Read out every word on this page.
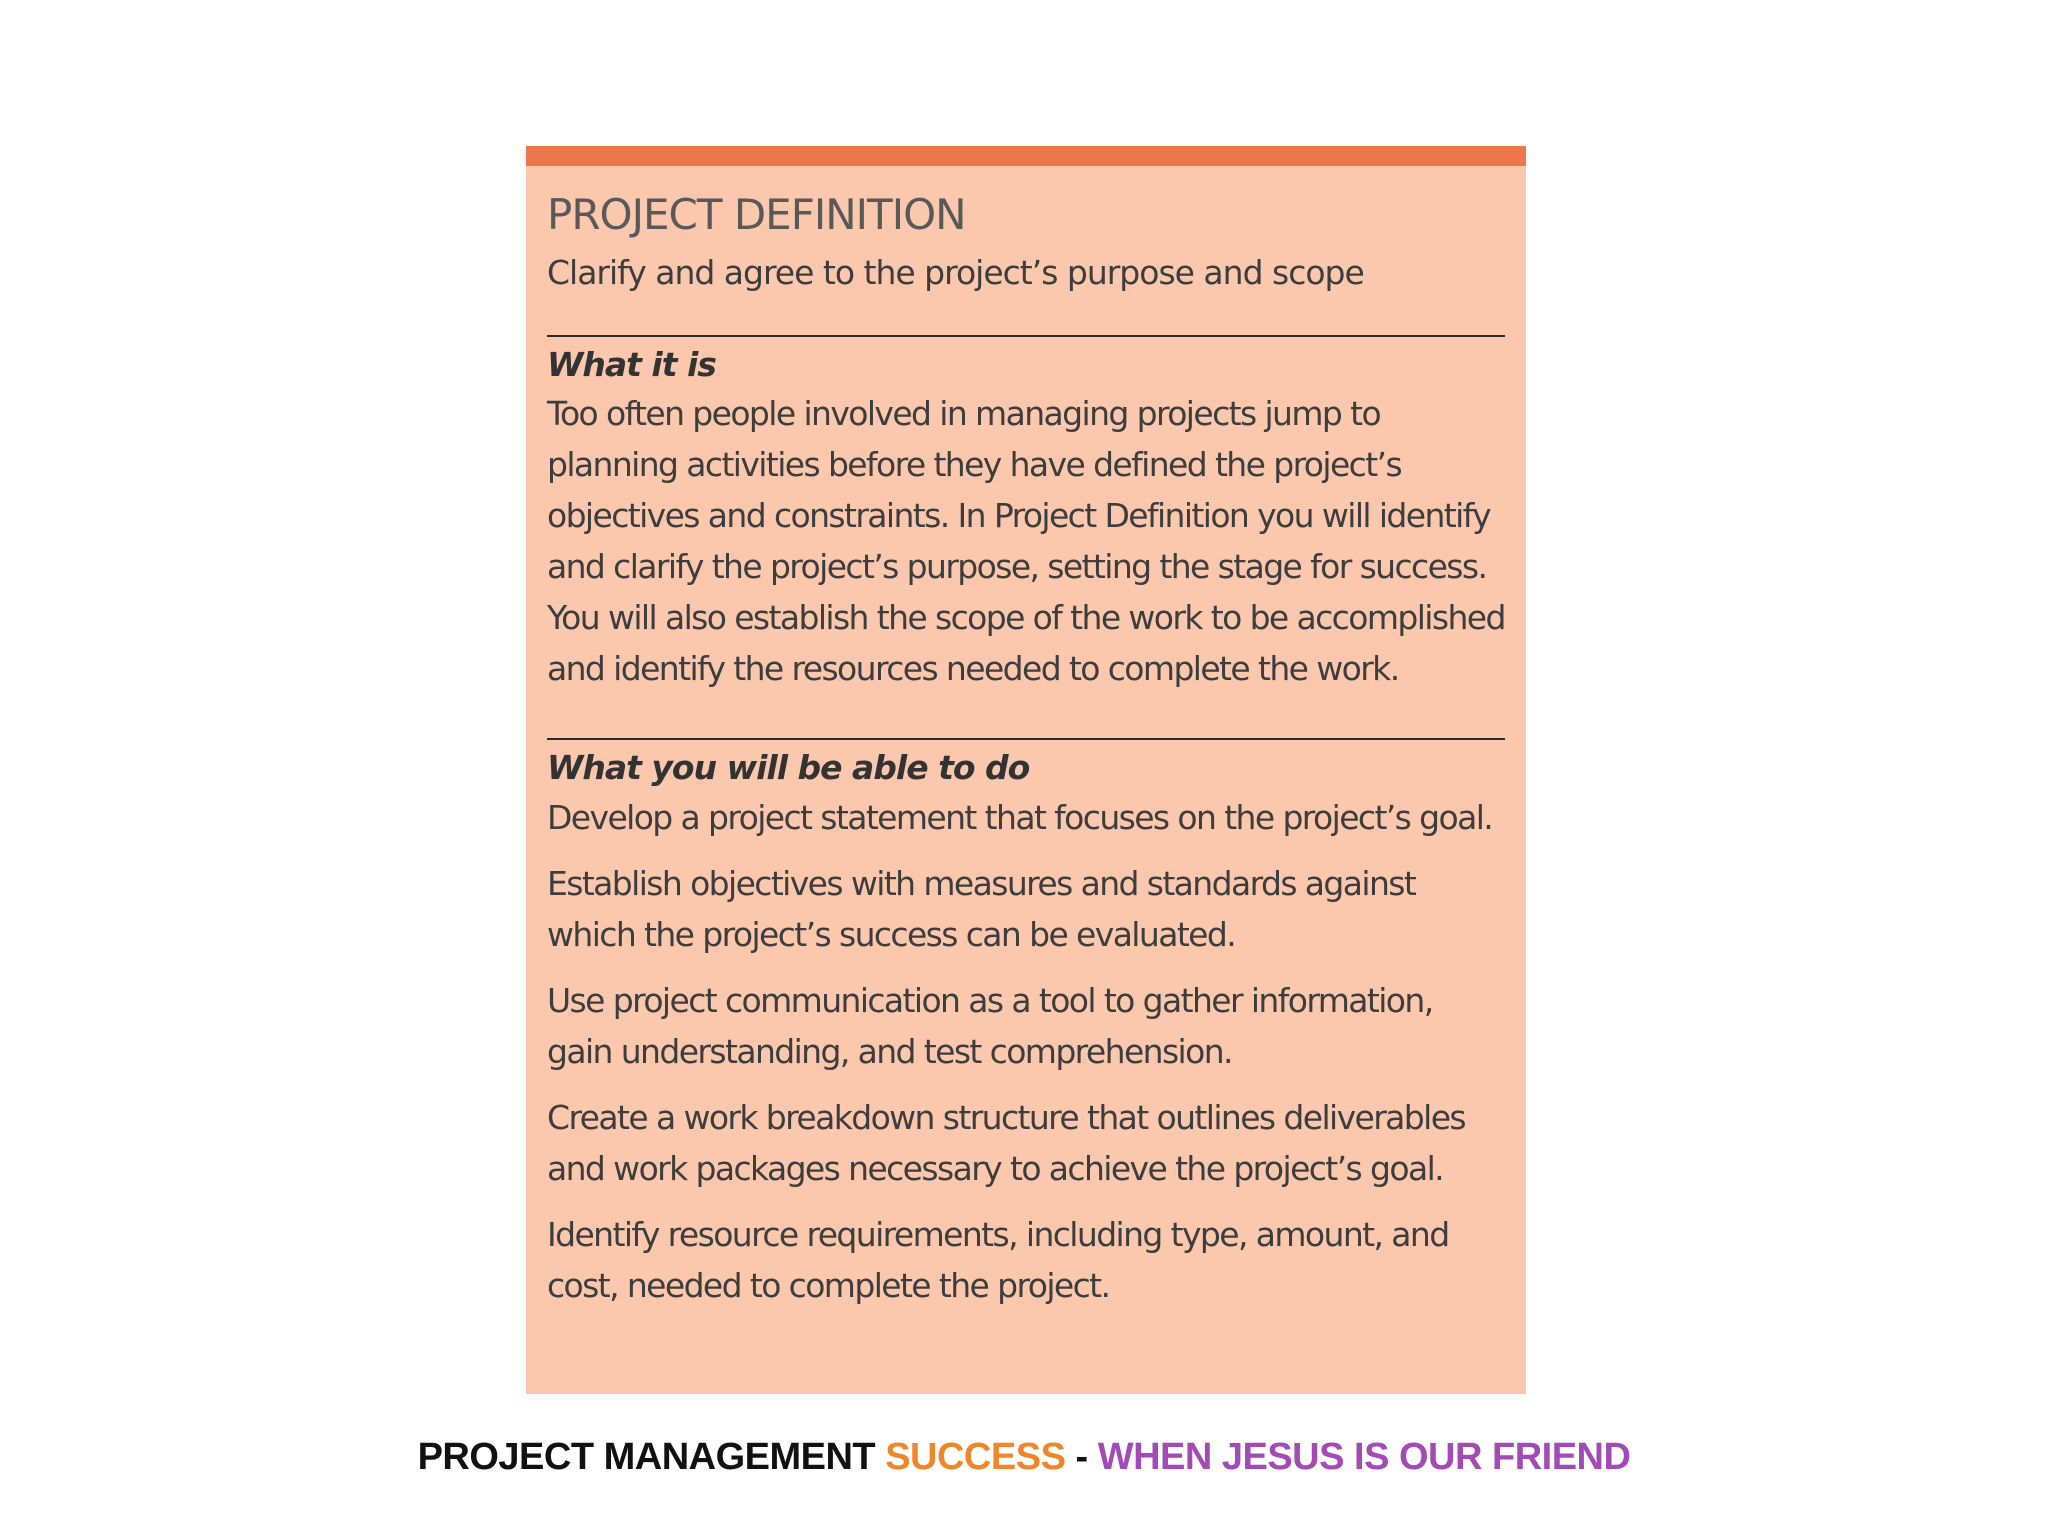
PROJECT DEFINITION

Clarify and agree to the project’s purpose and scope

What it is

Too often people involved in managing projects jump to planning activities before they have defined the project’s objectives and constraints. In Project Definition you will identify and clarify the project’s purpose, setting the stage for success. You will also establish the scope of the work to be accomplished and identify the resources needed to complete the work.

What you will be able to do
Develop a project statement that focuses on the project’s goal.
Establish objectives with measures and standards against which the project’s success can be evaluated.
Use project communication as a tool to gather information, gain understanding, and test comprehension.
Create a work breakdown structure that outlines deliverables and work packages necessary to achieve the project’s goal.
Identify resource requirements, including type, amount, and cost, needed to complete the project.
PROJECT MANAGEMENT SUCCESS - WHEN JESUS IS OUR FRIEND
